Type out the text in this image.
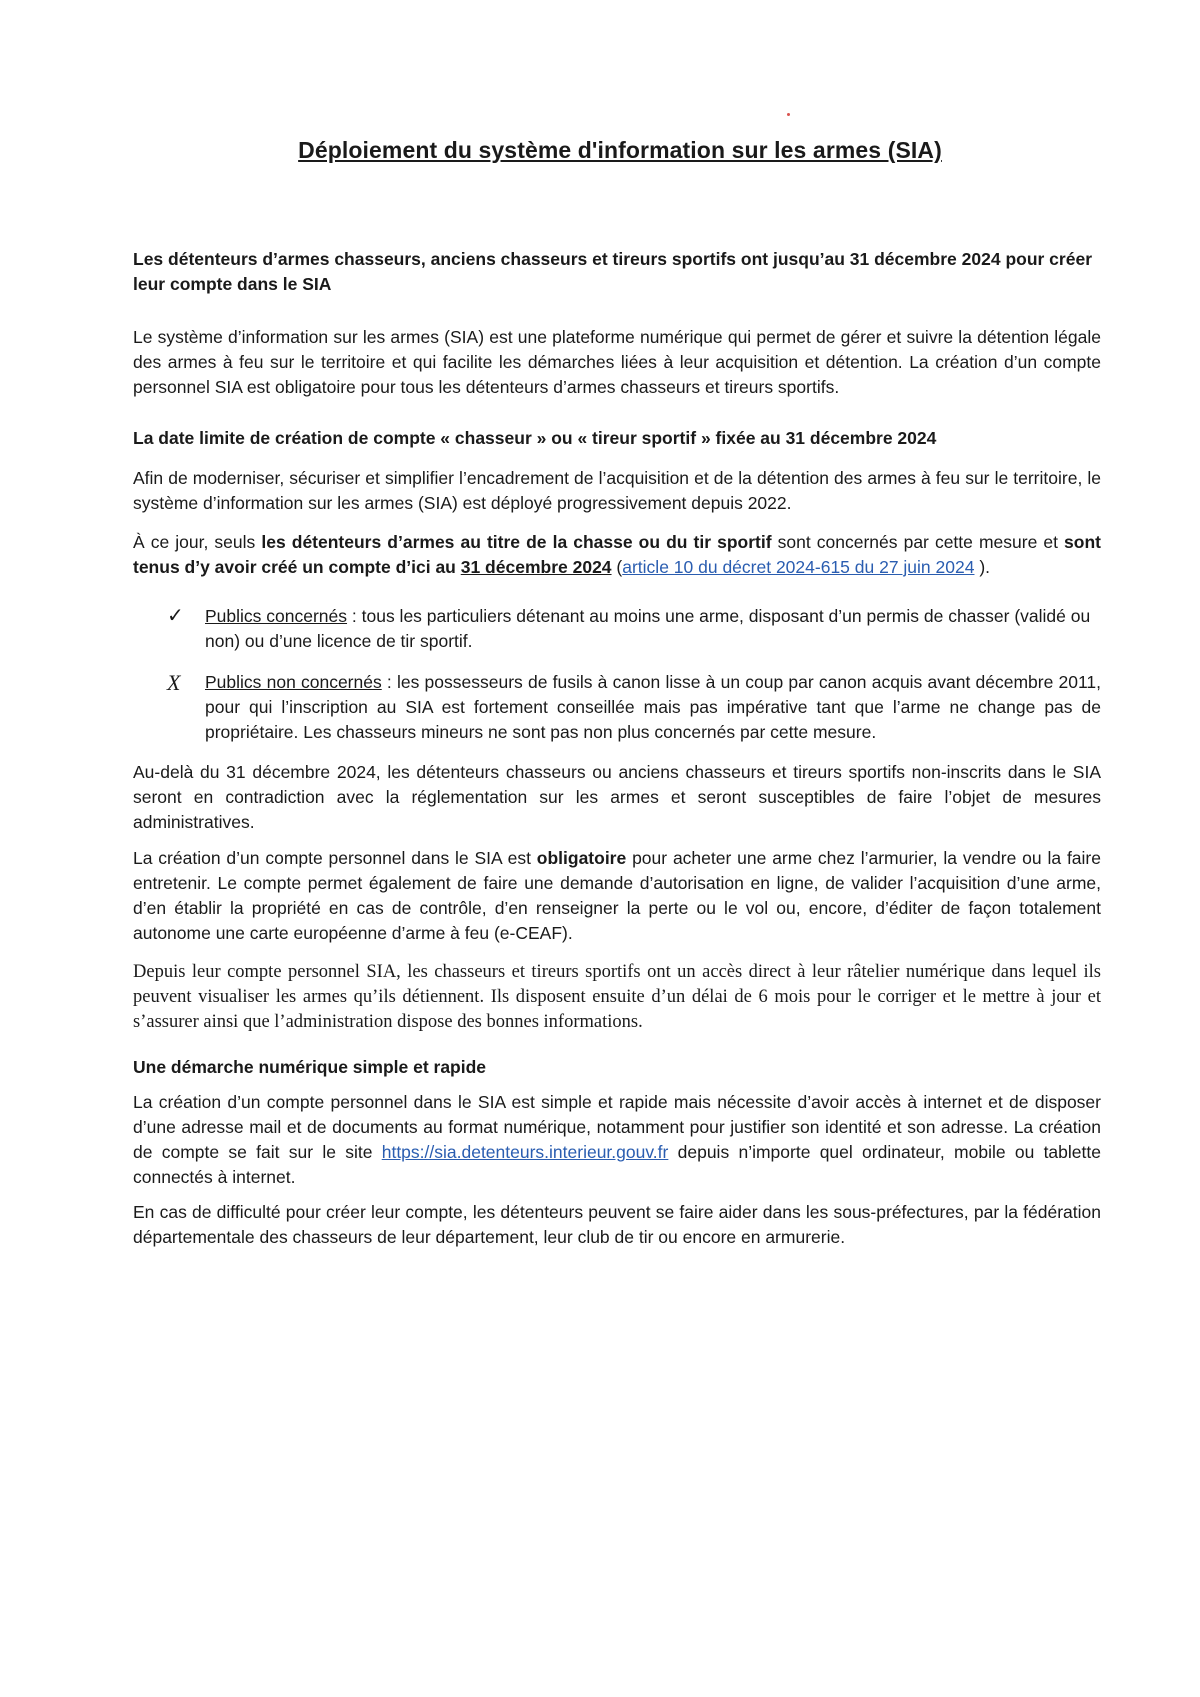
Déploiement du système d'information sur les armes (SIA)
Les détenteurs d’armes chasseurs, anciens chasseurs et tireurs sportifs ont jusqu’au 31 décembre 2024 pour créer leur compte dans le SIA
Le système d’information sur les armes (SIA) est une plateforme numérique qui permet de gérer et suivre la détention légale des armes à feu sur le territoire et qui facilite les démarches liées à leur acquisition et détention. La création d’un compte personnel SIA est obligatoire pour tous les détenteurs d’armes chasseurs et tireurs sportifs.
La date limite de création de compte « chasseur » ou « tireur sportif » fixée au 31 décembre 2024
Afin de moderniser, sécuriser et simplifier l’encadrement de l’acquisition et de la détention des armes à feu sur le territoire, le système d’information sur les armes (SIA) est déployé progressivement depuis 2022.
À ce jour, seuls les détenteurs d’armes au titre de la chasse ou du tir sportif sont concernés par cette mesure et sont tenus d’y avoir créé un compte d’ici au 31 décembre 2024 (article 10 du décret 2024-615 du 27 juin 2024 ).
✓ Publics concernés : tous les particuliers détenant au moins une arme, disposant d’un permis de chasser (validé ou non) ou d’une licence de tir sportif.
X Publics non concernés : les possesseurs de fusils à canon lisse à un coup par canon acquis avant décembre 2011, pour qui l’inscription au SIA est fortement conseillée mais pas impérative tant que l’arme ne change pas de propriétaire. Les chasseurs mineurs ne sont pas non plus concernés par cette mesure.
Au-delà du 31 décembre 2024, les détenteurs chasseurs ou anciens chasseurs et tireurs sportifs non-inscrits dans le SIA seront en contradiction avec la réglementation sur les armes et seront susceptibles de faire l’objet de mesures administratives.
La création d’un compte personnel dans le SIA est obligatoire pour acheter une arme chez l’armurier, la vendre ou la faire entretenir. Le compte permet également de faire une demande d’autorisation en ligne, de valider l’acquisition d’une arme, d’en établir la propriété en cas de contrôle, d’en renseigner la perte ou le vol ou, encore, d’éditer de façon totalement autonome une carte européenne d’arme à feu (e-CEAF).
Depuis leur compte personnel SIA, les chasseurs et tireurs sportifs ont un accès direct à leur râtelier numérique dans lequel ils peuvent visualiser les armes qu’ils détiennent. Ils disposent ensuite d’un délai de 6 mois pour le corriger et le mettre à jour et s’assurer ainsi que l’administration dispose des bonnes informations.
Une démarche numérique simple et rapide
La création d’un compte personnel dans le SIA est simple et rapide mais nécessite d’avoir accès à internet et de disposer d’une adresse mail et de documents au format numérique, notamment pour justifier son identité et son adresse. La création de compte se fait sur le site https://sia.detenteurs.interieur.gouv.fr depuis n’importe quel ordinateur, mobile ou tablette connectés à internet.
En cas de difficulté pour créer leur compte, les détenteurs peuvent se faire aider dans les sous-préfectures, par la fédération départementale des chasseurs de leur département, leur club de tir ou encore en armurerie.
